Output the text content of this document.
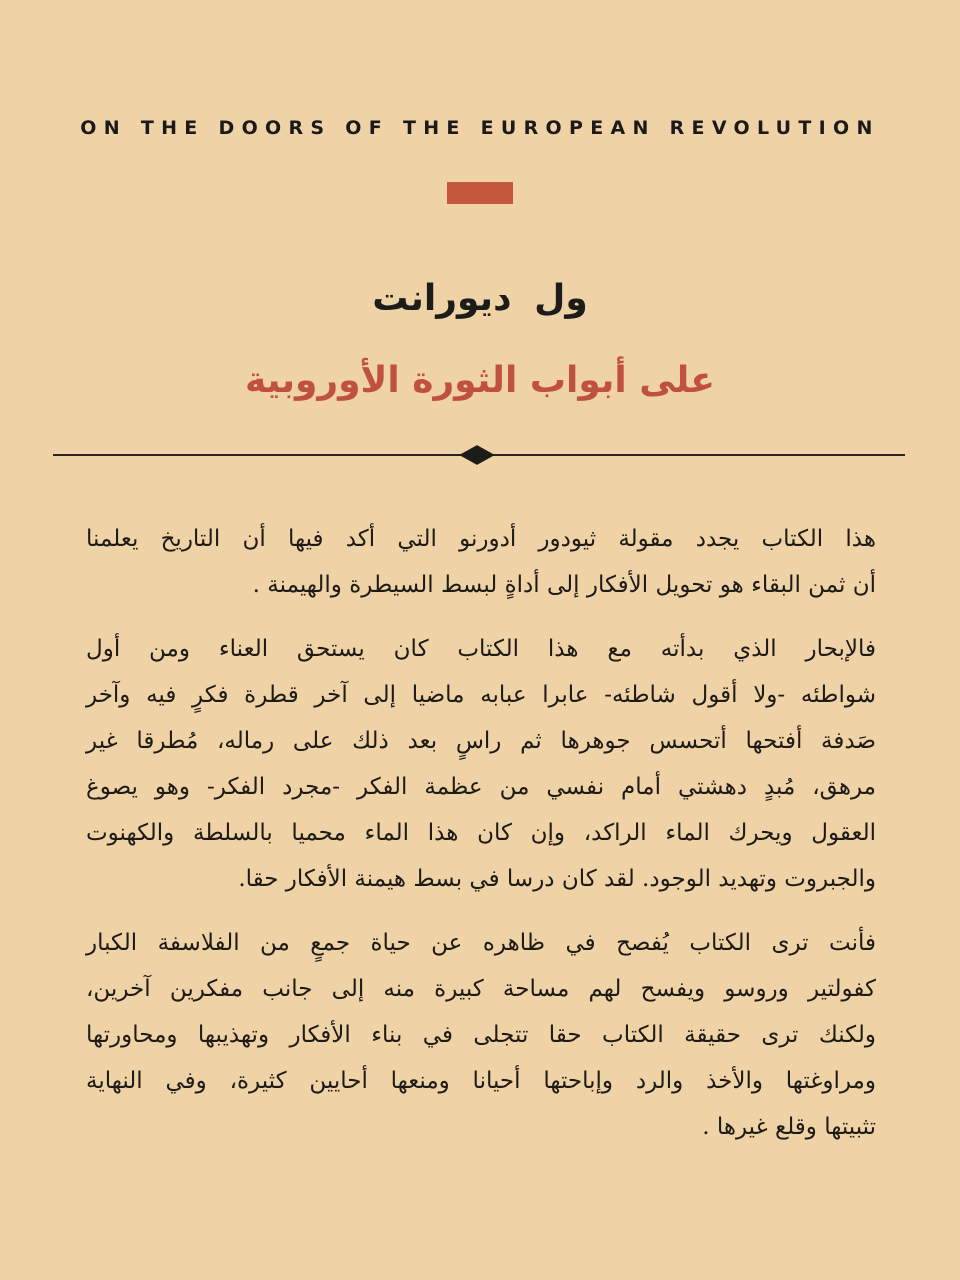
ON THE DOORS OF THE EUROPEAN REVOLUTION
ول ديورانت
على أبواب الثورة الأوروبية

هذا الكتاب يجدد مقولة ثيودور أدورنو التي أكد فيها أن التاريخ يعلمنا
أن ثمن البقاء هو تحويل الأفكار إلى أداةٍ لبسط السيطرة والهيمنة .

فالإبحار الذي بدأته مع هذا الكتاب كان يستحق العناء ومن أول
شواطئه -ولا أقول شاطئه- عابرا عبابه ماضيا إلى آخر قطرة فكرٍ فيه وآخر
صَدفة أفتحها أتحسس جوهرها ثم راسٍ بعد ذلك على رماله، مُطرقا غير
مرهق، مُبدٍ دهشتي أمام نفسي من عظمة الفكر -مجرد الفكر- وهو يصوغ
العقول ويحرك الماء الراكد، وإن كان هذا الماء محميا بالسلطة والكهنوت
والجبروت وتهديد الوجود. لقد كان درسا في بسط هيمنة الأفكار حقا.

فأنت ترى الكتاب يُفصح في ظاهره عن حياة جمعٍ من الفلاسفة الكبار
كفولتير وروسو ويفسح لهم مساحة كبيرة منه إلى جانب مفكرين آخرين،
ولكنك ترى حقيقة الكتاب حقا تتجلى في بناء الأفكار وتهذيبها ومحاورتها
ومراوغتها والأخذ والرد وإباحتها أحيانا ومنعها أحايين كثيرة، وفي النهاية
تثبيتها وقلع غيرها .
